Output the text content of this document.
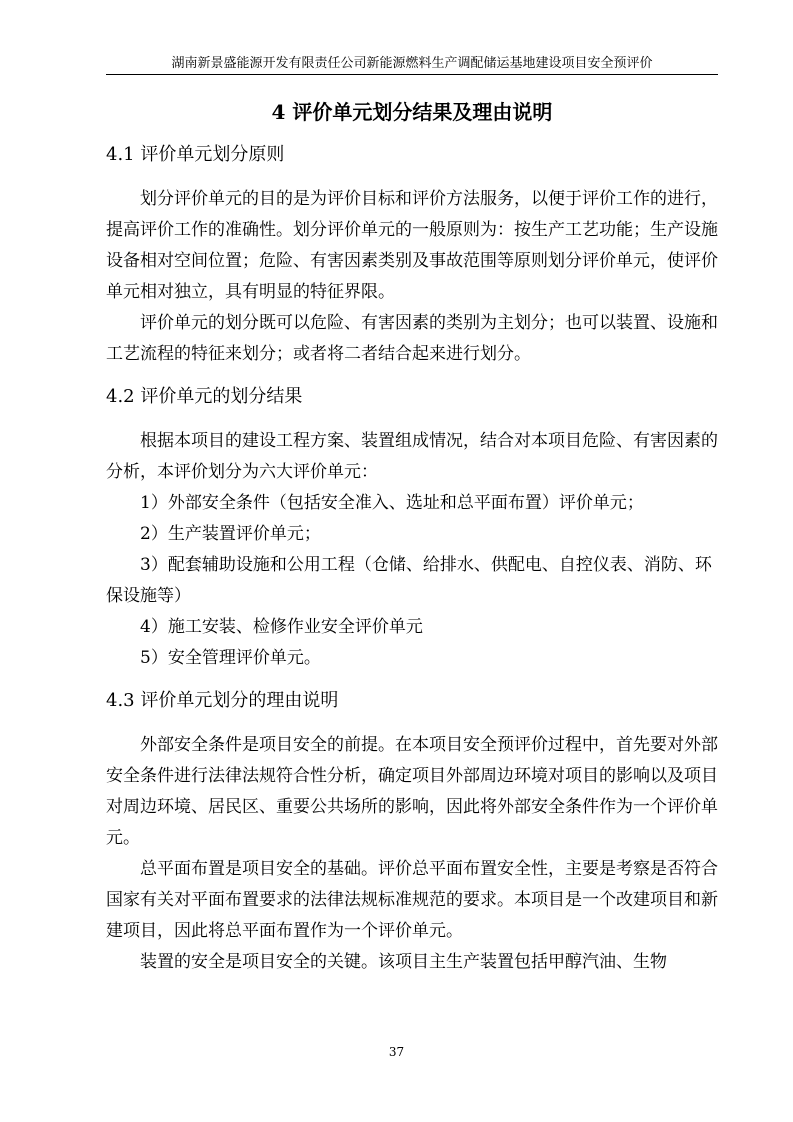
湖南新景盛能源开发有限责任公司新能源燃料生产调配储运基地建设项目安全预评价
4 评价单元划分结果及理由说明
4.1 评价单元划分原则

划分评价单元的目的是为评价目标和评价方法服务，以便于评价工作的进行，提高评价工作的准确性。划分评价单元的一般原则为：按生产工艺功能；生产设施设备相对空间位置；危险、有害因素类别及事故范围等原则划分评价单元，使评价单元相对独立，具有明显的特征界限。

评价单元的划分既可以危险、有害因素的类别为主划分；也可以装置、设施和工艺流程的特征来划分；或者将二者结合起来进行划分。

4.2 评价单元的划分结果

根据本项目的建设工程方案、装置组成情况，结合对本项目危险、有害因素的分析，本评价划分为六大评价单元：

1）外部安全条件（包括安全准入、选址和总平面布置）评价单元；

2）生产装置评价单元；

3）配套辅助设施和公用工程（仓储、给排水、供配电、自控仪表、消防、环保设施等）

4）施工安装、检修作业安全评价单元

5）安全管理评价单元。

4.3 评价单元划分的理由说明

外部安全条件是项目安全的前提。在本项目安全预评价过程中，首先要对外部安全条件进行法律法规符合性分析，确定项目外部周边环境对项目的影响以及项目对周边环境、居民区、重要公共场所的影响，因此将外部安全条件作为一个评价单元。

总平面布置是项目安全的基础。评价总平面布置安全性，主要是考察是否符合国家有关对平面布置要求的法律法规标准规范的要求。本项目是一个改建项目和新建项目，因此将总平面布置作为一个评价单元。

装置的安全是项目安全的关键。该项目主生产装置包括甲醇汽油、生物

37
